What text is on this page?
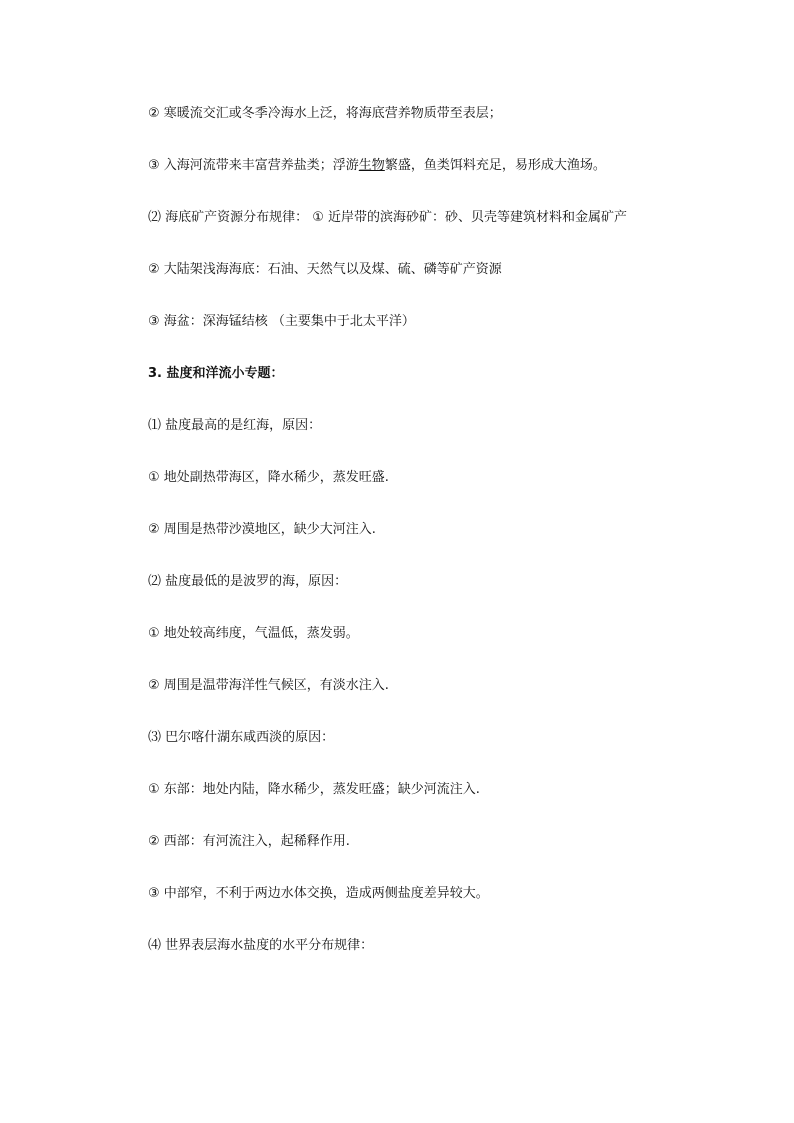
② 寒暖流交汇或冬季冷海水上泛，将海底营养物质带至表层；
③ 入海河流带来丰富营养盐类；浮游生物繁盛，鱼类饵料充足，易形成大渔场。
⑵ 海底矿产资源分布规律： ① 近岸带的滨海砂矿：砂、贝壳等建筑材料和金属矿产
② 大陆架浅海海底：石油、天然气以及煤、硫、磷等矿产资源
③ 海盆：深海锰结核 （主要集中于北太平洋）
3. 盐度和洋流小专题：
⑴ 盐度最高的是红海，原因：
① 地处副热带海区，降水稀少，蒸发旺盛.
② 周围是热带沙漠地区，缺少大河注入.
⑵ 盐度最低的是波罗的海，原因：
① 地处较高纬度，气温低，蒸发弱。
② 周围是温带海洋性气候区，有淡水注入.
⑶ 巴尔喀什湖东咸西淡的原因：
① 东部：地处内陆，降水稀少，蒸发旺盛；缺少河流注入.
② 西部：有河流注入，起稀释作用.
③ 中部窄，不利于两边水体交换，造成两侧盐度差异较大。
⑷ 世界表层海水盐度的水平分布规律：
